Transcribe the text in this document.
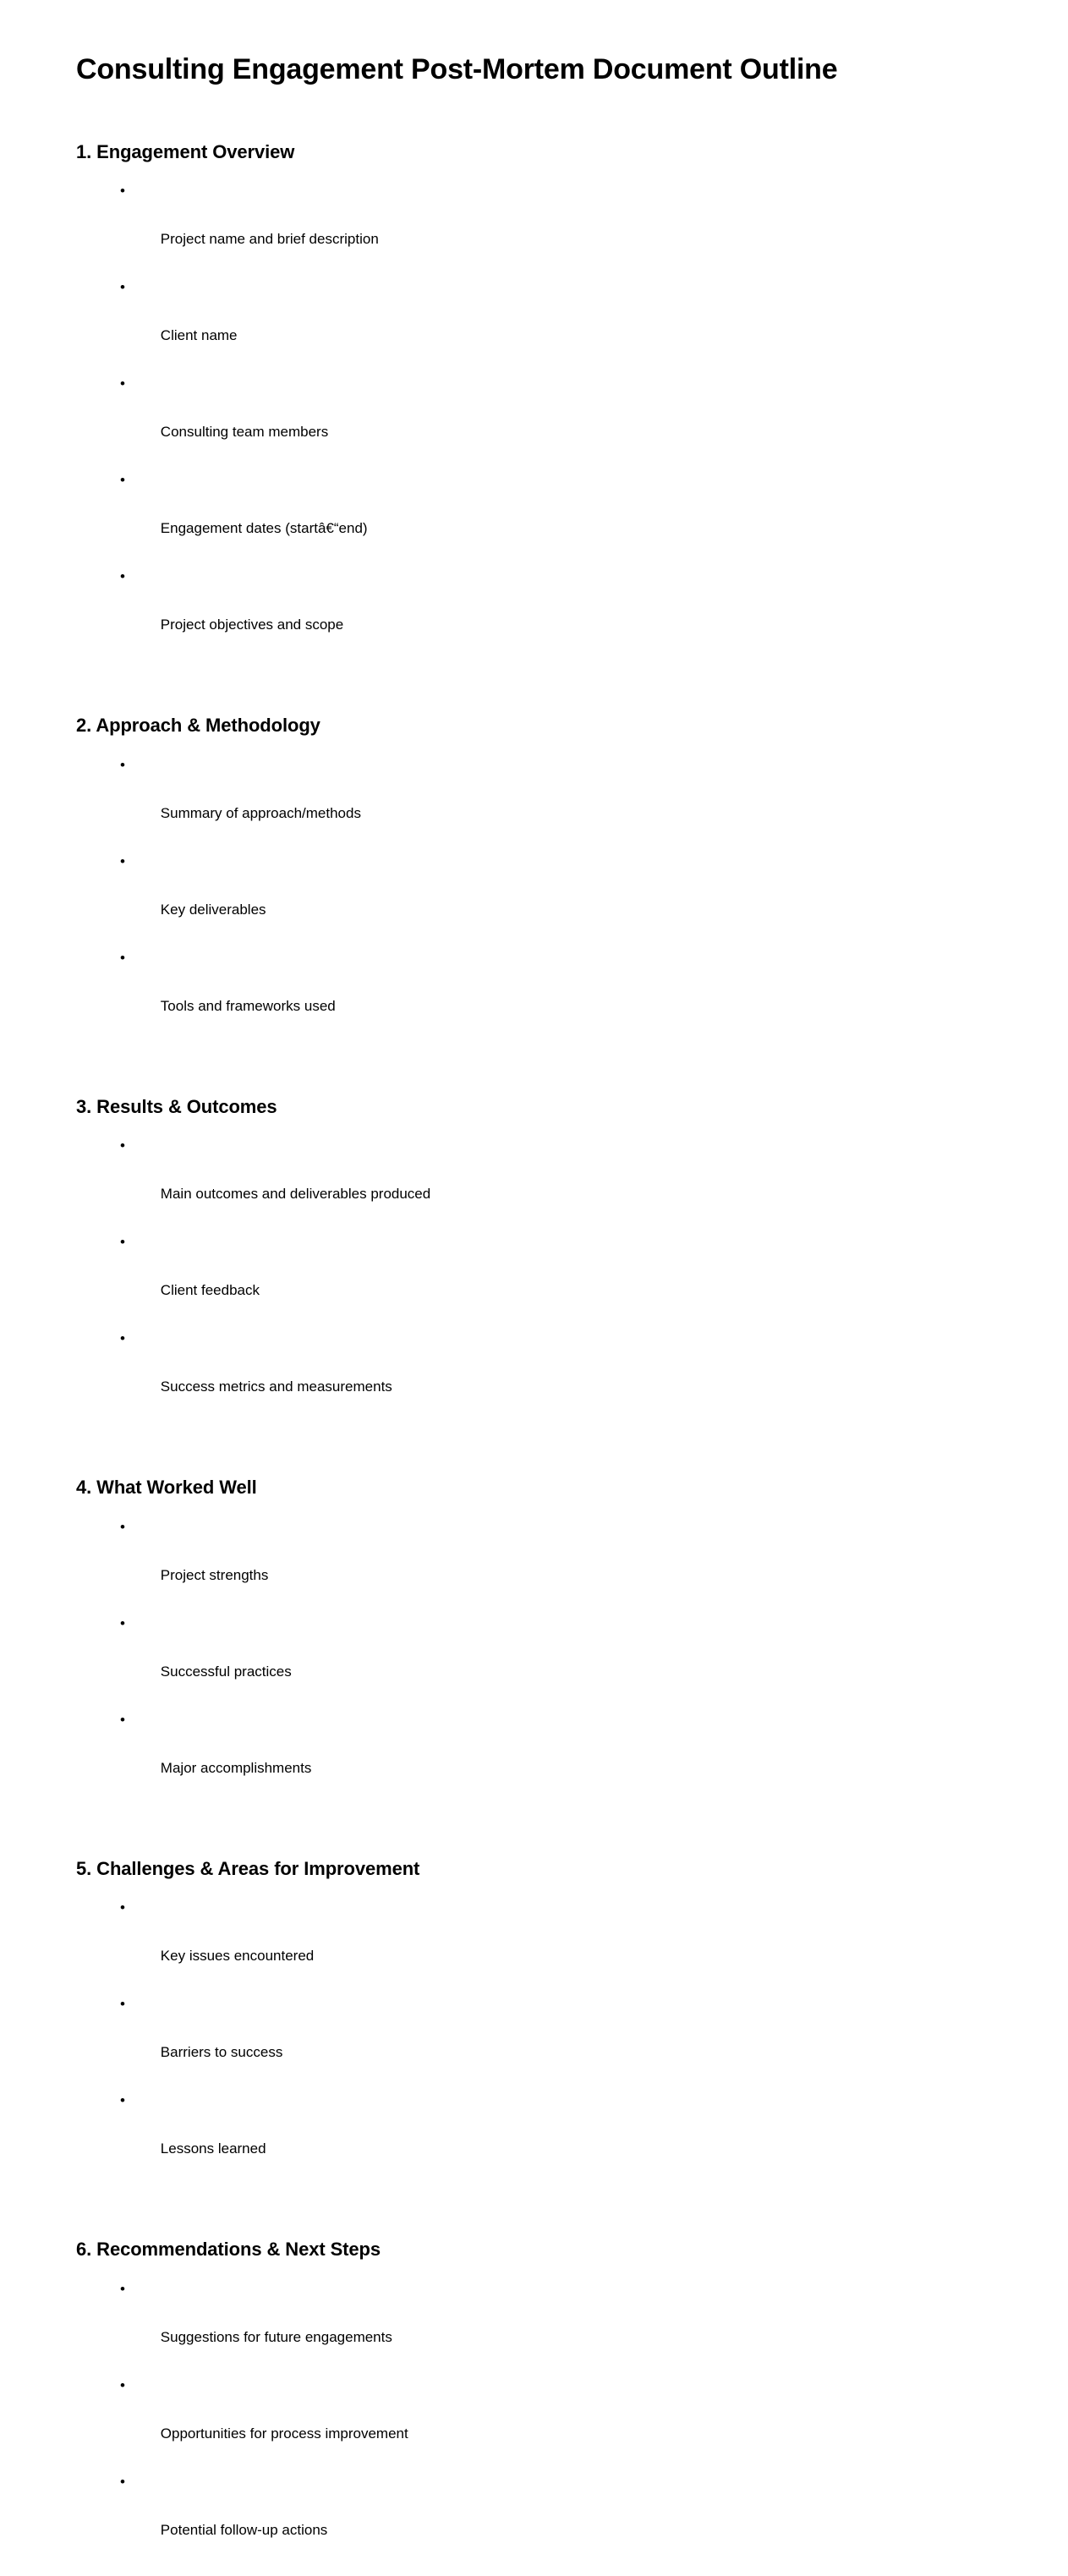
Consulting Engagement Post-Mortem Document Outline
1. Engagement Overview

•

Project name and brief description

•

Client name

•

Consulting team members

•

Engagement dates (startâ€“end)

•

Project objectives and scope

2. Approach & Methodology

•

Summary of approach/methods

•

Key deliverables

•

Tools and frameworks used

3. Results & Outcomes

•

Main outcomes and deliverables produced

•

Client feedback

•

Success metrics and measurements

4. What Worked Well

•

Project strengths

•

Successful practices

•

Major accomplishments

5. Challenges & Areas for Improvement

•

Key issues encountered

•

Barriers to success

•

Lessons learned

6. Recommendations & Next Steps

•

Suggestions for future engagements

•

Opportunities for process improvement

•

Potential follow-up actions
